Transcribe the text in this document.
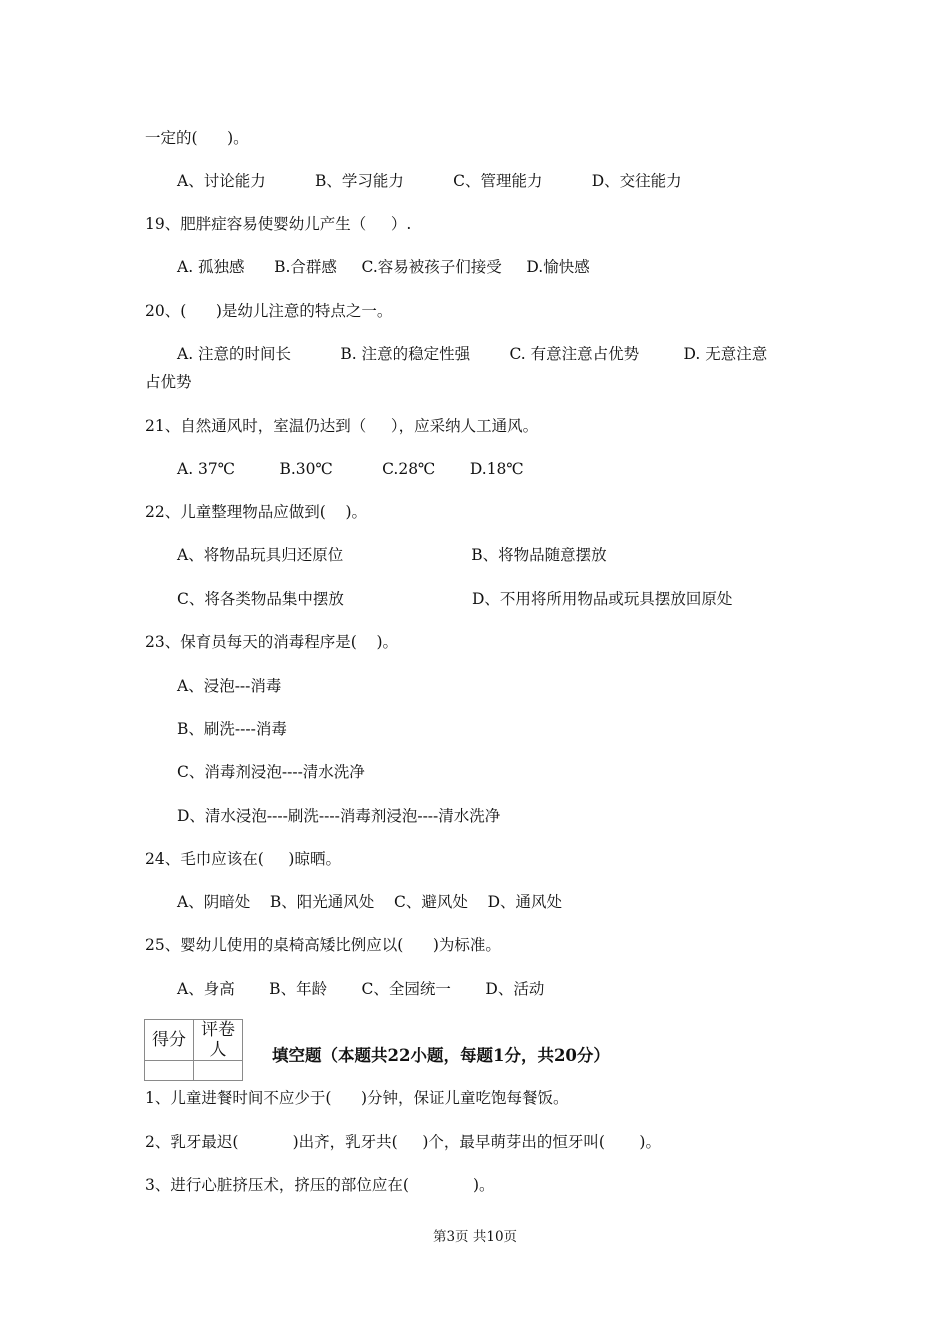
一定的(      )。
A、讨论能力          B、学习能力          C、管理能力          D、交往能力
19、肥胖症容易使婴幼儿产生（     ）.
A. 孤独感      B.合群感     C.容易被孩子们接受     D.愉快感
20、(      )是幼儿注意的特点之一。
A. 注意的时间长          B. 注意的稳定性强        C. 有意注意占优势         D. 无意注意
占优势
21、自然通风时，室温仍达到（     ），应采纳人工通风。
A. 37℃         B.30℃          C.28℃       D.18℃
22、儿童整理物品应做到(    )。
A、将物品玩具归还原位                          B、将物品随意摆放
C、将各类物品集中摆放                          D、不用将所用物品或玩具摆放回原处
23、保育员每天的消毒程序是(    )。
A、浸泡---消毒
B、刷洗----消毒
C、消毒剂浸泡----清水洗净
D、清水浸泡----刷洗----消毒剂浸泡----清水洗净
24、毛巾应该在(     )晾晒。
A、阴暗处    B、阳光通风处    C、避风处    D、通风处
25、婴幼儿使用的桌椅高矮比例应以(      )为标准。
A、身高       B、年龄       C、全园统一       D、活动
得分	评卷人
		填空题（本题共22小题，每题1分，共20分）
1、儿童进餐时间不应少于(      )分钟，保证儿童吃饱每餐饭。
2、乳牙最迟(           )出齐，乳牙共(     )个，最早萌芽出的恒牙叫(       )。
3、进行心脏挤压术，挤压的部位应在(             )。
第3页 共10页
